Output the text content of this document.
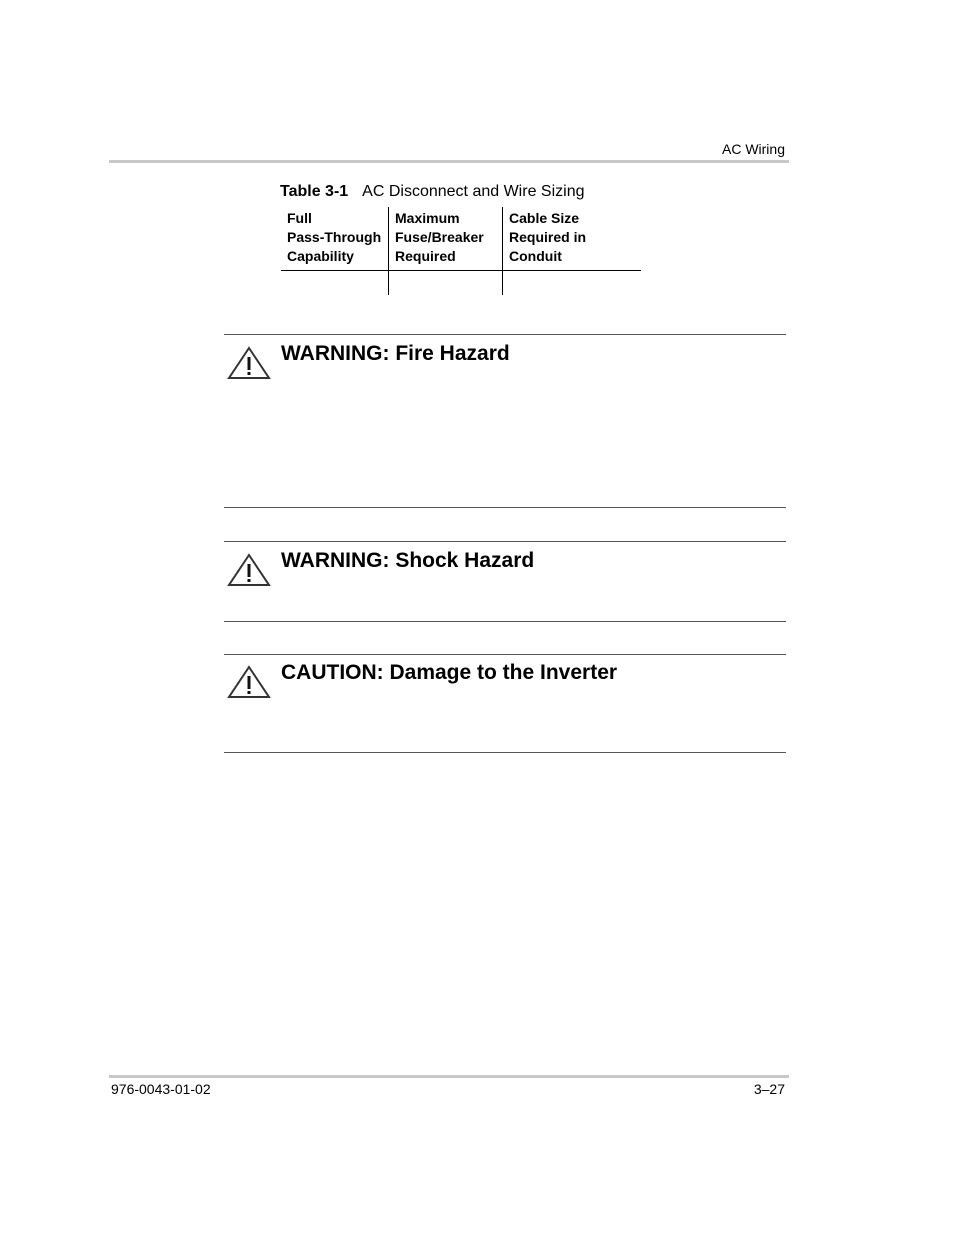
AC Wiring
Table 3-1 AC Disconnect and Wire Sizing
Full
Pass-Through
Capability
Maximum
Fuse/Breaker
Required
Cable Size
Required in
Conduit
WARNING: Fire Hazard
WARNING: Shock Hazard
CAUTION: Damage to the Inverter
976-0043-01-02	3–27
